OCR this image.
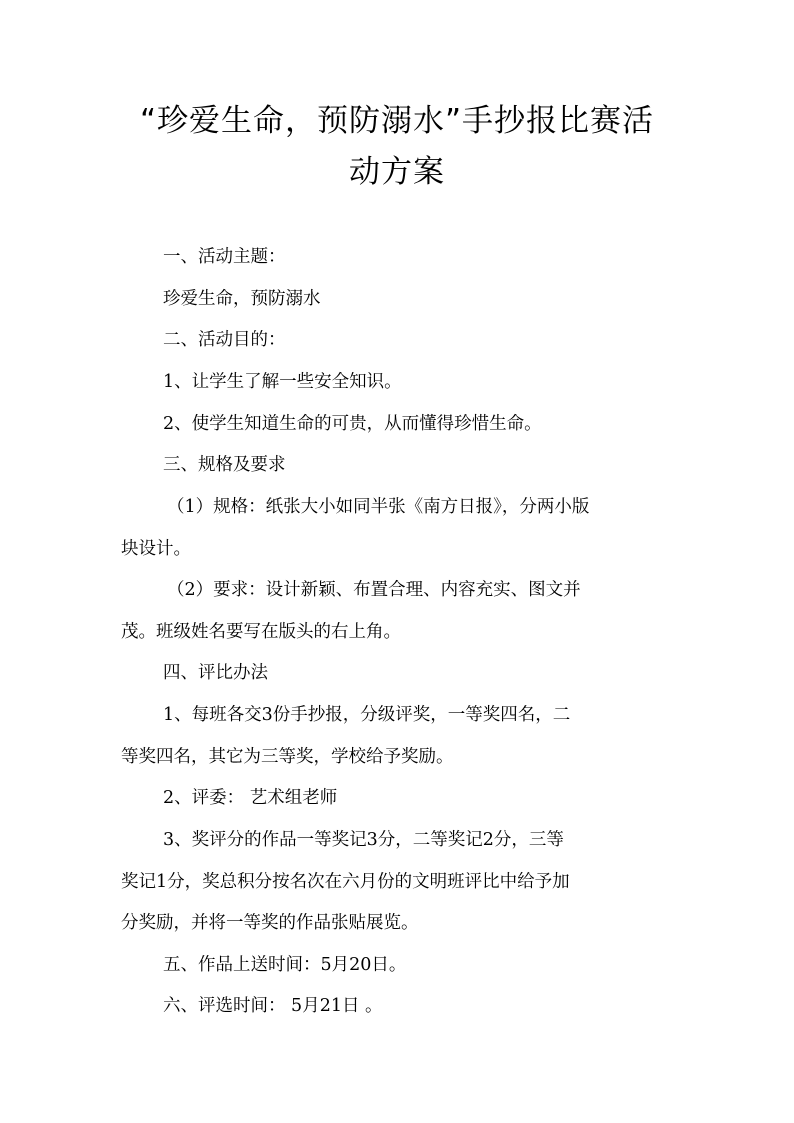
“珍爱生命，预防溺水”手抄报比赛活
动方案
一、活动主题：
珍爱生命，预防溺水
二、活动目的：
1、让学生了解一些安全知识。
2、使学生知道生命的可贵，从而懂得珍惜生命。
三、规格及要求
（1）规格：纸张大小如同半张《南方日报》，分两小版
块设计。
（2）要求：设计新颖、布置合理、内容充实、图文并
茂。班级姓名要写在版头的右上角。
四、评比办法
1、每班各交3份手抄报，分级评奖，一等奖四名，二
等奖四名，其它为三等奖，学校给予奖励。
2、评委： 艺术组老师
3、奖评分的作品一等奖记3分，二等奖记2分，三等
奖记1分，奖总积分按名次在六月份的文明班评比中给予加
分奖励，并将一等奖的作品张贴展览。
五、作品上送时间：5月20日。
六、评选时间： 5月21日 。
